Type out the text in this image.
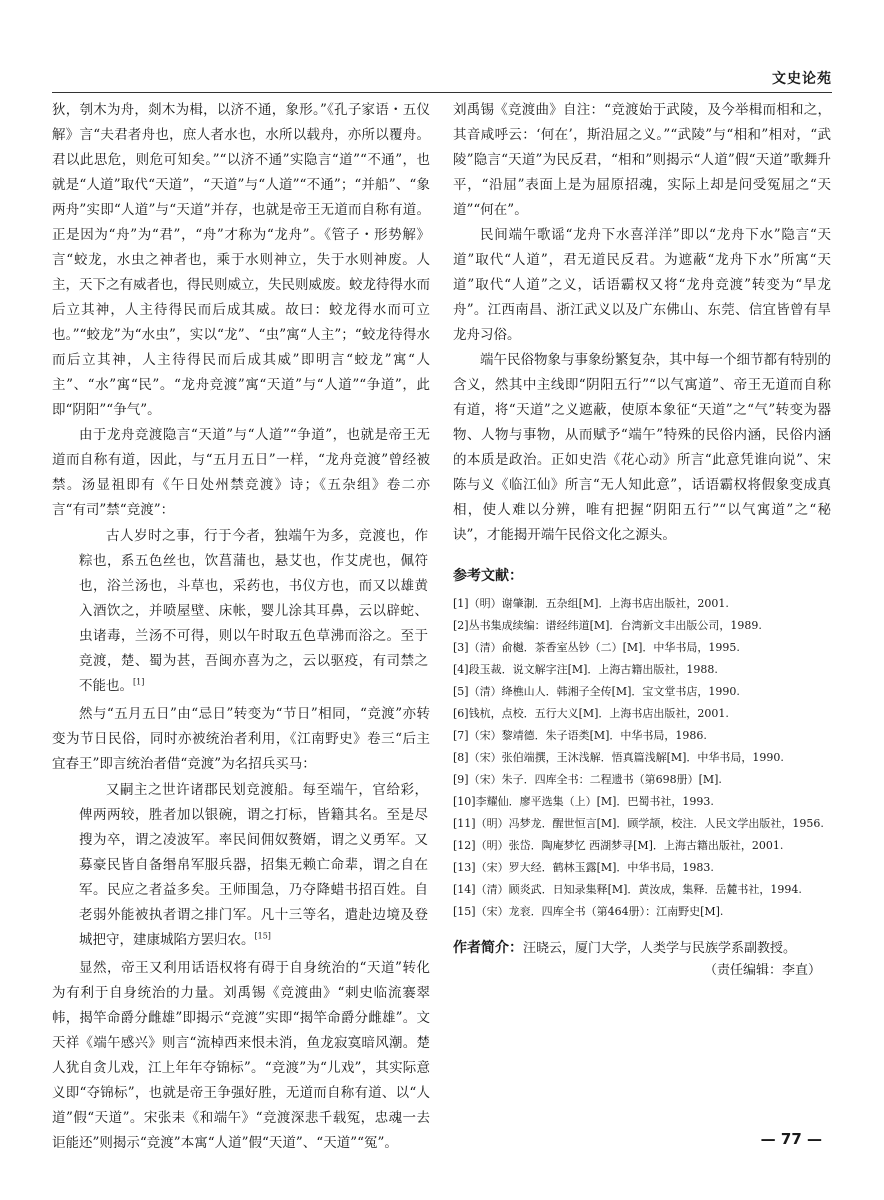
文史论苑

狄，刳木为舟，剡木为楫，以济不通，象形。”《孔子家语・五仪解》言“夫君者舟也，庶人者水也，水所以载舟，亦所以覆舟。君以此思危，则危可知矣。”“以济不通”实隐言“道”“不通”，也就是“人道”取代“天道”，“天道”与“人道”“不通”；“并船”、“象两舟”实即“人道”与“天道”并存，也就是帝王无道而自称有道。正是因为“舟”为“君”，“舟”才称为“龙舟”。《管子・形势解》言“蛟龙，水虫之神者也，乘于水则神立，失于水则神废。人主，天下之有威者也，得民则威立，失民则威废。蛟龙待得水而后立其神，人主待得民而后成其威。故曰：蛟龙得水而可立也。”“蛟龙”为“水虫”，实以“龙”、“虫”寓“人主”；“蛟龙待得水而后立其神，人主待得民而后成其威”即明言“蛟龙”寓“人主”、“水”寓“民”。“龙舟竞渡”寓“天道”与“人道”“争道”，此即“阴阳”“争气”。

由于龙舟竞渡隐言“天道”与“人道”“争道”，也就是帝王无道而自称有道，因此，与“五月五日”一样，“龙舟竞渡”曾经被禁。汤显祖即有《午日处州禁竞渡》诗；《五杂组》卷二亦言“有司”禁“竞渡”：

古人岁时之事，行于今者，独端午为多，竞渡也，作粽也，系五色丝也，饮菖蒲也，悬艾也，作艾虎也，佩符也，浴兰汤也，斗草也，采药也，书仪方也，而又以雄黄入酒饮之，并喷屋壁、床帐，婴儿涂其耳鼻，云以辟蛇、虫诸毒，兰汤不可得，则以午时取五色草沸而浴之。至于竞渡，楚、蜀为甚，吾闽亦喜为之，云以驱疫，有司禁之不能也。[1]

然与“五月五日”由“忌日”转变为“节日”相同，“竞渡”亦转变为节日民俗，同时亦被统治者利用，《江南野史》卷三“后主宜春王”即言统治者借“竞渡”为名招兵买马：

又嗣主之世许诸郡民划竞渡船。每至端午，官给彩，俾两两较，胜者加以银碗，谓之打标，皆籍其名。至是尽搜为卒，谓之凌波军。率民间佣奴赘婿，谓之义勇军。又募豪民皆自备缗帛军服兵器，招集无赖亡命辈，谓之自在军。民应之者益多矣。王师围急，乃夺降蜡书招百姓。自老弱外能被执者谓之排门军。凡十三等名，遣赴边境及登城把守，建康城陷方罢归农。[15]

显然，帝王又利用话语权将有碍于自身统治的“天道”转化为有利于自身统治的力量。刘禹锡《竞渡曲》“刺史临流褰翠帏，揭竿命爵分雌雄”即揭示“竞渡”实即“揭竿命爵分雌雄”。文天祥《端午感兴》则言“流棹西来恨未消，鱼龙寂寞暗风潮。楚人犹自贪儿戏，江上年年夺锦标”。“竞渡”为“儿戏”，其实际意义即“夺锦标”，也就是帝王争强好胜，无道而自称有道、以“人道”假“天道”。宋张耒《和端午》“竞渡深悲千载冤，忠魂一去讵能还”则揭示“竞渡”本寓“人道”假“天道”、“天道”“冤”。

刘禹锡《竞渡曲》自注：“竞渡始于武陵，及今举楫而相和之，其音咸呼云：‘何在’，斯沿屈之义。”“武陵”与“相和”相对，“武陵”隐言“天道”为民反君，“相和”则揭示“人道”假“天道”歌舞升平，“沿屈”表面上是为屈原招魂，实际上却是问受冤屈之“天道”“何在”。

民间端午歌谣“龙舟下水喜洋洋”即以“龙舟下水”隐言“天道”取代“人道”，君无道民反君。为遮蔽“龙舟下水”所寓“天道”取代“人道”之义，话语霸权又将“龙舟竞渡”转变为“旱龙舟”。江西南昌、浙江武义以及广东佛山、东莞、信宜皆曾有旱龙舟习俗。

端午民俗物象与事象纷繁复杂，其中每一个细节都有特别的含义，然其中主线即“阴阳五行”“以气寓道”、帝王无道而自称有道，将“天道”之义遮蔽，使原本象征“天道”之“气”转变为器物、人物与事物，从而赋予“端午”特殊的民俗内涵，民俗内涵的本质是政治。正如史浩《花心动》所言“此意凭谁向说”、宋陈与义《临江仙》所言“无人知此意”，话语霸权将假象变成真相，使人难以分辨，唯有把握“阴阳五行”“以气寓道”之“秘诀”，才能揭开端午民俗文化之源头。

参考文献：
[1]（明）谢肇淛．五杂组[M]．上海书店出版社，2001.
[2]丛书集成续编：谱经纬道[M]．台湾新文丰出版公司，1989.
[3]（清）俞樾．茶香室丛钞（二）[M]．中华书局，1995.
[4]段玉裁．说文解字注[M]．上海古籍出版社，1988.
[5]（清）绛樵山人．韩湘子全传[M]．宝文堂书店，1990.
[6]钱杭，点校．五行大义[M]．上海书店出版社，2001.
[7]（宋）黎靖德．朱子语类[M]．中华书局，1986.
[8]（宋）张伯端撰，王沐浅解．悟真篇浅解[M]．中华书局，1990.
[9]（宋）朱子．四库全书：二程遗书（第698册）[M].
[10]李耀仙．廖平选集（上）[M]．巴蜀书社，1993.
[11]（明）冯梦龙．醒世恒言[M]．顾学颉，校注．人民文学出版社，1956.
[12]（明）张岱．陶庵梦忆 西湖梦寻[M]．上海古籍出版社，2001.
[13]（宋）罗大经．鹤林玉露[M]．中华书局，1983.
[14]（清）顾炎武．日知录集释[M]．黄汝成，集释．岳麓书社，1994.
[15]（宋）龙衮．四库全书（第464册）：江南野史[M].
作者简介：汪晓云，厦门大学，人类学与民族学系副教授。
（责任编辑：李直）
— 77 —
